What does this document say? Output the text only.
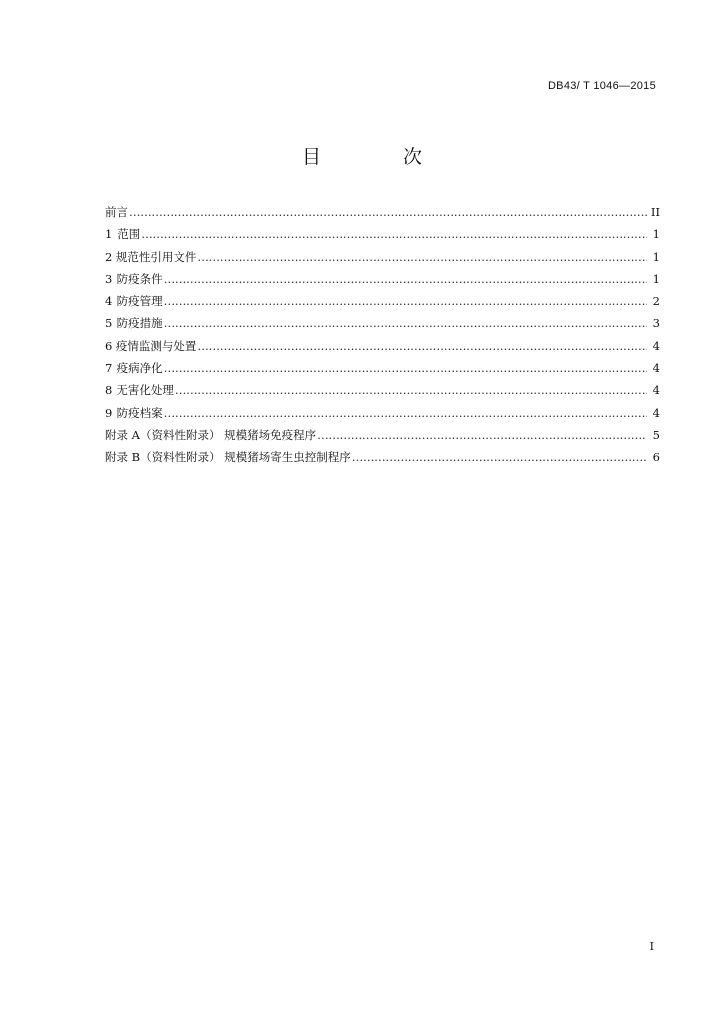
DB43/ T 1046—2015
目 次
前言 ……………………………………………………………………………………………………………………………………………………………………………………………………	II
1 范围 ……………………………………………………………………………………………………………………………………………………………………………………………………	1
2 规范性引用文件 ……………………………………………………………………………………………………………………………………………………………………………………………………	1
3 防疫条件 ……………………………………………………………………………………………………………………………………………………………………………………………………	1
4 防疫管理 ……………………………………………………………………………………………………………………………………………………………………………………………………	2
5 防疫措施 ……………………………………………………………………………………………………………………………………………………………………………………………………	3
6 疫情监测与处置 ……………………………………………………………………………………………………………………………………………………………………………………………………	4
7 疫病净化 ……………………………………………………………………………………………………………………………………………………………………………………………………	4
8 无害化处理 ……………………………………………………………………………………………………………………………………………………………………………………………………	4
9 防疫档案 ……………………………………………………………………………………………………………………………………………………………………………………………………	4
附录 A（资料性附录） 规模猪场免疫程序 ……………………………………………………………………………………………………………………………………………………………………………………………………	5
附录 B（资料性附录） 规模猪场寄生虫控制程序 ……………………………………………………………………………………………………………………………………………………………………………………………………	6
I
